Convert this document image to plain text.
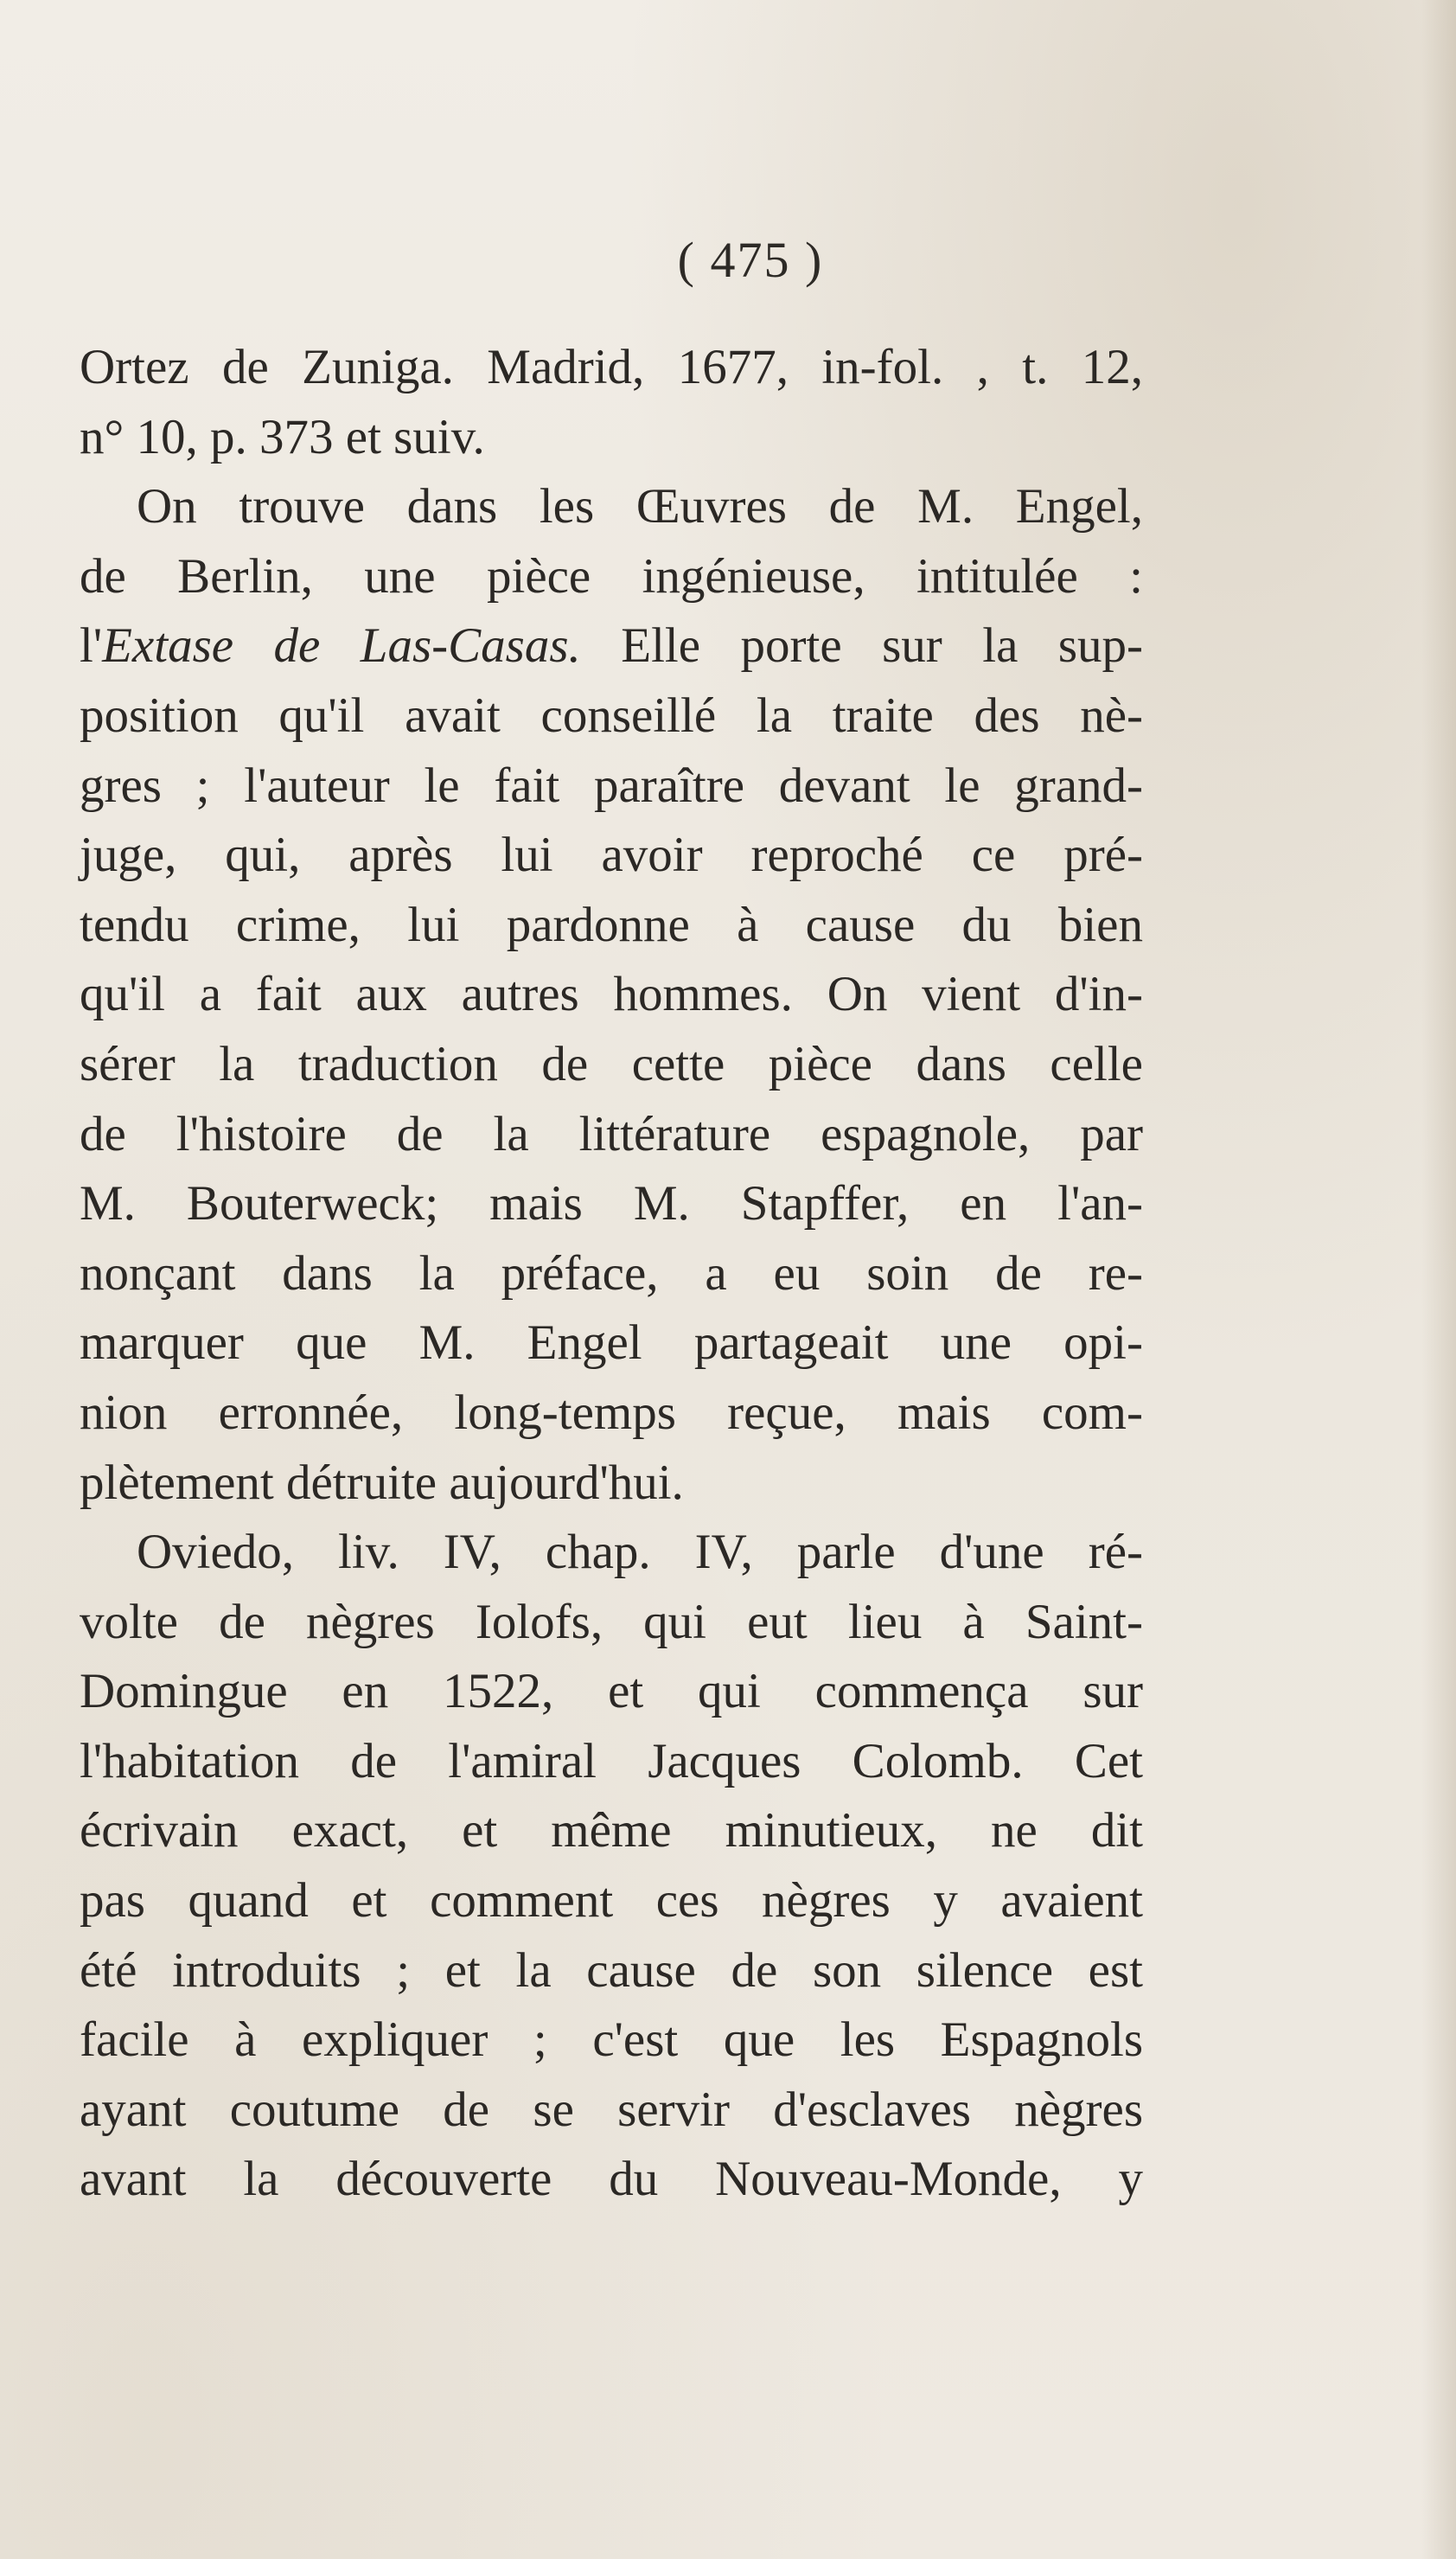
( 475 )
Ortez de Zuniga. Madrid, 1677, in-fol. , t. 12,
n° 10, p. 373 et suiv.
On trouve dans les Œuvres de M. Engel,
de Berlin, une pièce ingénieuse, intitulée :
l'Extase de Las-Casas. Elle porte sur la sup-
position qu'il avait conseillé la traite des nè-
gres ; l'auteur le fait paraître devant le grand-
juge, qui, après lui avoir reproché ce pré-
tendu crime, lui pardonne à cause du bien
qu'il a fait aux autres hommes. On vient d'in-
sérer la traduction de cette pièce dans celle
de l'histoire de la littérature espagnole, par
M. Bouterweck; mais M. Stapffer, en l'an-
nonçant dans la préface, a eu soin de re-
marquer que M. Engel partageait une opi-
nion erronnée, long-temps reçue, mais com-
plètement détruite aujourd'hui.
Oviedo, liv. IV, chap. IV, parle d'une ré-
volte de nègres Iolofs, qui eut lieu à Saint-
Domingue en 1522, et qui commença sur
l'habitation de l'amiral Jacques Colomb. Cet
écrivain exact, et même minutieux, ne dit
pas quand et comment ces nègres y avaient
été introduits ; et la cause de son silence est
facile à expliquer ; c'est que les Espagnols
ayant coutume de se servir d'esclaves nègres
avant la découverte du Nouveau-Monde, y
